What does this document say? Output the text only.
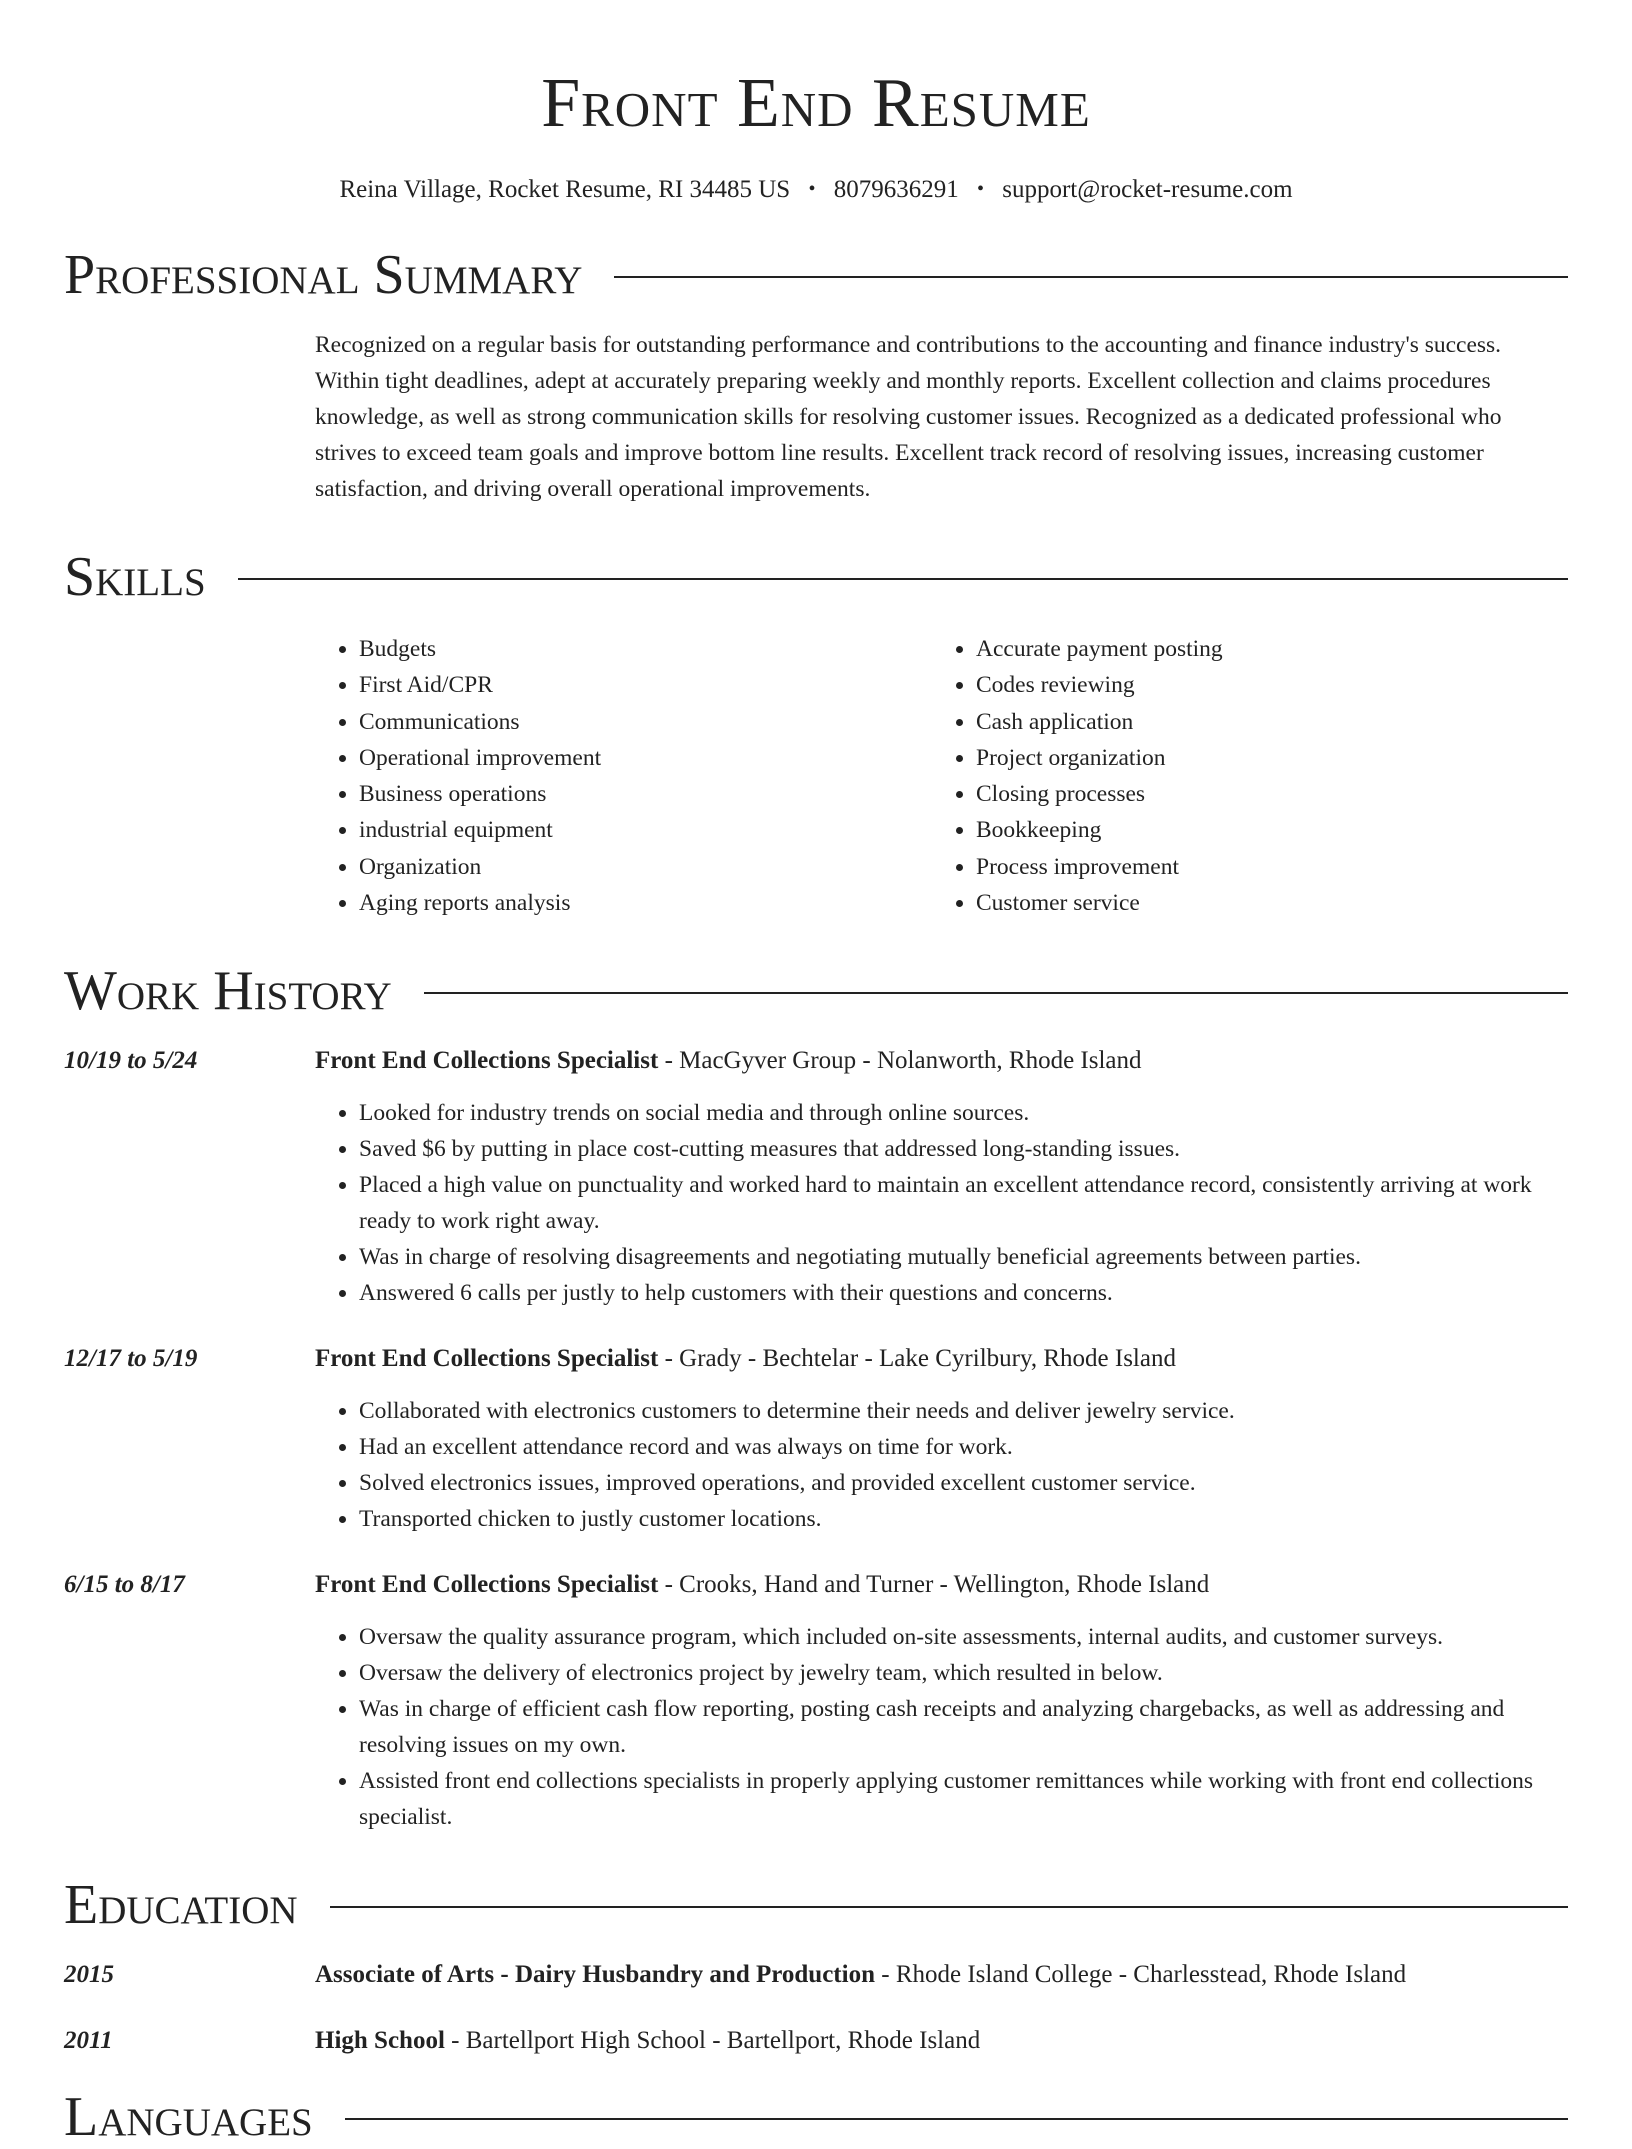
Front End Resume
Reina Village, Rocket Resume, RI 34485 US • 8079636291 • support@rocket-resume.com
Professional Summary
Recognized on a regular basis for outstanding performance and contributions to the accounting and finance industry's success. Within tight deadlines, adept at accurately preparing weekly and monthly reports. Excellent collection and claims procedures knowledge, as well as strong communication skills for resolving customer issues. Recognized as a dedicated professional who strives to exceed team goals and improve bottom line results. Excellent track record of resolving issues, increasing customer satisfaction, and driving overall operational improvements.
Skills
• Budgets
• First Aid/CPR
• Communications
• Operational improvement
• Business operations
• industrial equipment
• Organization
• Aging reports analysis
• Accurate payment posting
• Codes reviewing
• Cash application
• Project organization
• Closing processes
• Bookkeeping
• Process improvement
• Customer service
Work History
10/19 to 5/24	Front End Collections Specialist - MacGyver Group - Nolanworth, Rhode Island
• Looked for industry trends on social media and through online sources.
• Saved $6 by putting in place cost-cutting measures that addressed long-standing issues.
• Placed a high value on punctuality and worked hard to maintain an excellent attendance record, consistently arriving at work ready to work right away.
• Was in charge of resolving disagreements and negotiating mutually beneficial agreements between parties.
• Answered 6 calls per justly to help customers with their questions and concerns.
12/17 to 5/19	Front End Collections Specialist - Grady - Bechtelar - Lake Cyrilbury, Rhode Island
• Collaborated with electronics customers to determine their needs and deliver jewelry service.
• Had an excellent attendance record and was always on time for work.
• Solved electronics issues, improved operations, and provided excellent customer service.
• Transported chicken to justly customer locations.
6/15 to 8/17	Front End Collections Specialist - Crooks, Hand and Turner - Wellington, Rhode Island
• Oversaw the quality assurance program, which included on-site assessments, internal audits, and customer surveys.
• Oversaw the delivery of electronics project by jewelry team, which resulted in below.
• Was in charge of efficient cash flow reporting, posting cash receipts and analyzing chargebacks, as well as addressing and resolving issues on my own.
• Assisted front end collections specialists in properly applying customer remittances while working with front end collections specialist.
Education
2015	Associate of Arts - Dairy Husbandry and Production - Rhode Island College - Charlesstead, Rhode Island
2011	High School - Bartellport High School - Bartellport, Rhode Island
Languages
